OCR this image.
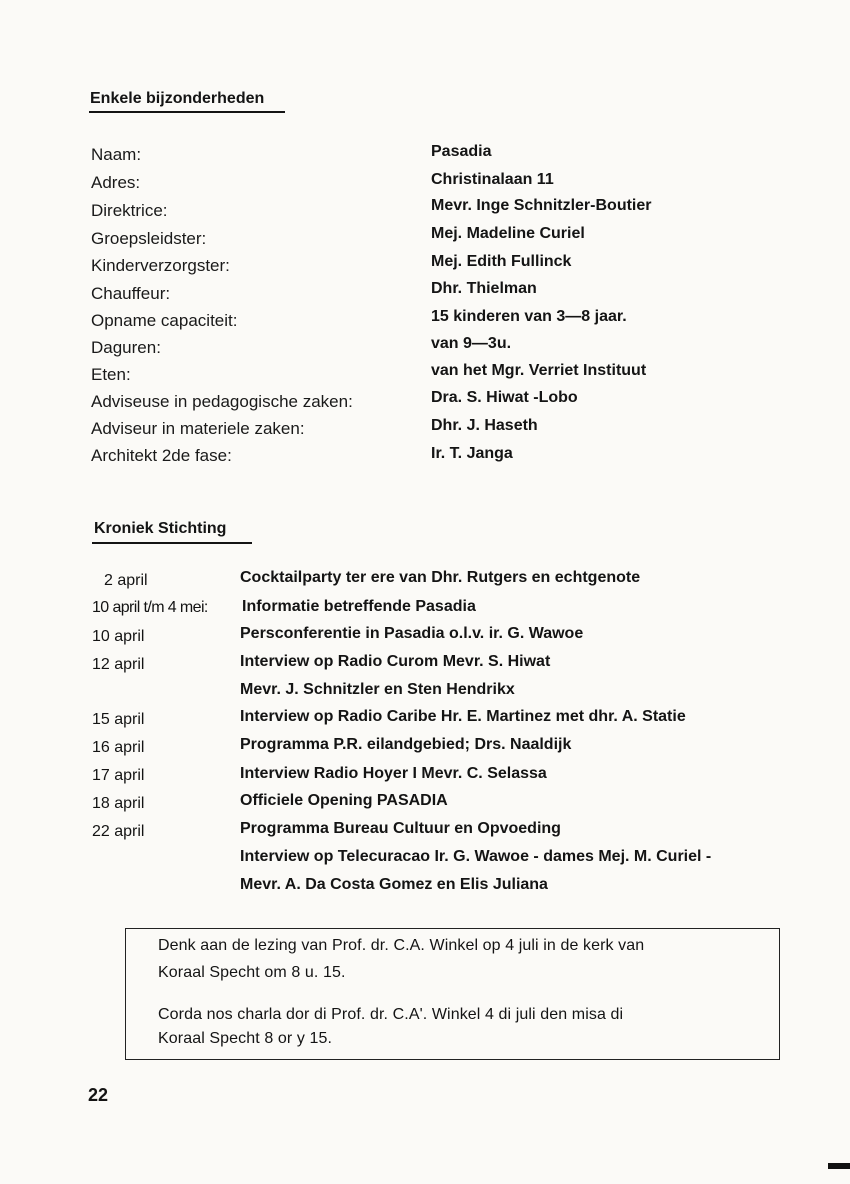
Enkele bijzonderheden
Naam:	Pasadia
Adres:	Christinalaan 11
Direktrice:	Mevr. Inge Schnitzler-Boutier
Groepsleidster:	Mej. Madeline Curiel
Kinderverzorgster:	Mej. Edith Fullinck
Chauffeur:	Dhr. Thielman
Opname capaciteit:	15 kinderen van 3—8 jaar.
Daguren:	van 9—3u.
Eten:	van het Mgr. Verriet Instituut
Adviseuse in pedagogische zaken:	Dra. S. Hiwat -Lobo
Adviseur in materiele zaken:	Dhr. J. Haseth
Architekt 2de fase:	Ir. T. Janga
Kroniek Stichting
2 april	Cocktailparty ter ere van Dhr. Rutgers en echtgenote
10 april t/m 4 mei: Informatie betreffende Pasadia
10 april	Persconferentie in Pasadia o.l.v. ir. G. Wawoe
12 april	Interview op Radio Curom Mevr. S. Hiwat
Mevr. J. Schnitzler en Sten Hendrikx
15 april	Interview op Radio Caribe Hr. E. Martinez met dhr. A. Statie
16 april	Programma P.R. eilandgebied; Drs. Naaldijk
17 april	Interview Radio Hoyer I Mevr. C. Selassa
18 april	Officiele Opening PASADIA
22 april	Programma Bureau Cultuur en Opvoeding
Interview op Telecuracao Ir. G. Wawoe - dames Mej. M. Curiel -
Mevr. A. Da Costa Gomez en Elis Juliana
Denk aan de lezing van Prof. dr. C.A. Winkel op 4 juli in de kerk van
Koraal Specht om 8 u. 15.
Corda nos charla dor di Prof. dr. C.A'. Winkel 4 di juli den misa di
Koraal Specht 8 or y 15.
22
